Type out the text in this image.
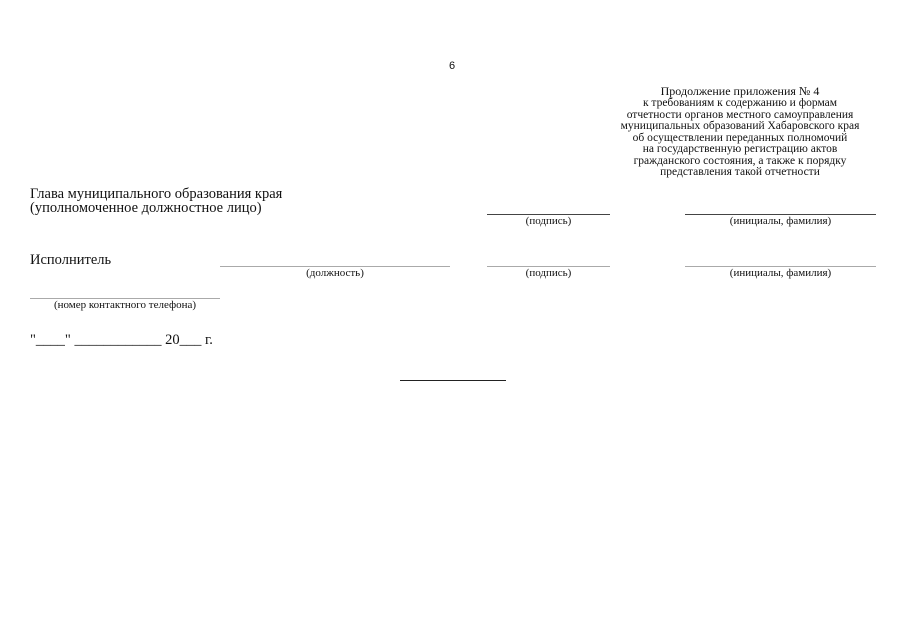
6
Продолжение приложения № 4
к требованиям к содержанию и формам
отчетности органов местного самоуправления
муниципальных образований Хабаровского края
об осуществлении переданных полномочий
на государственную регистрацию актов
гражданского состояния, а также к порядку
представления такой отчетности
Глава муниципального образования края
(уполномоченное должностное лицо)
(подпись)	(инициалы, фамилия)
Исполнитель
(должность)	(подпись)	(инициалы, фамилия)
(номер контактного телефона)
"____" ____________ 20___ г.
